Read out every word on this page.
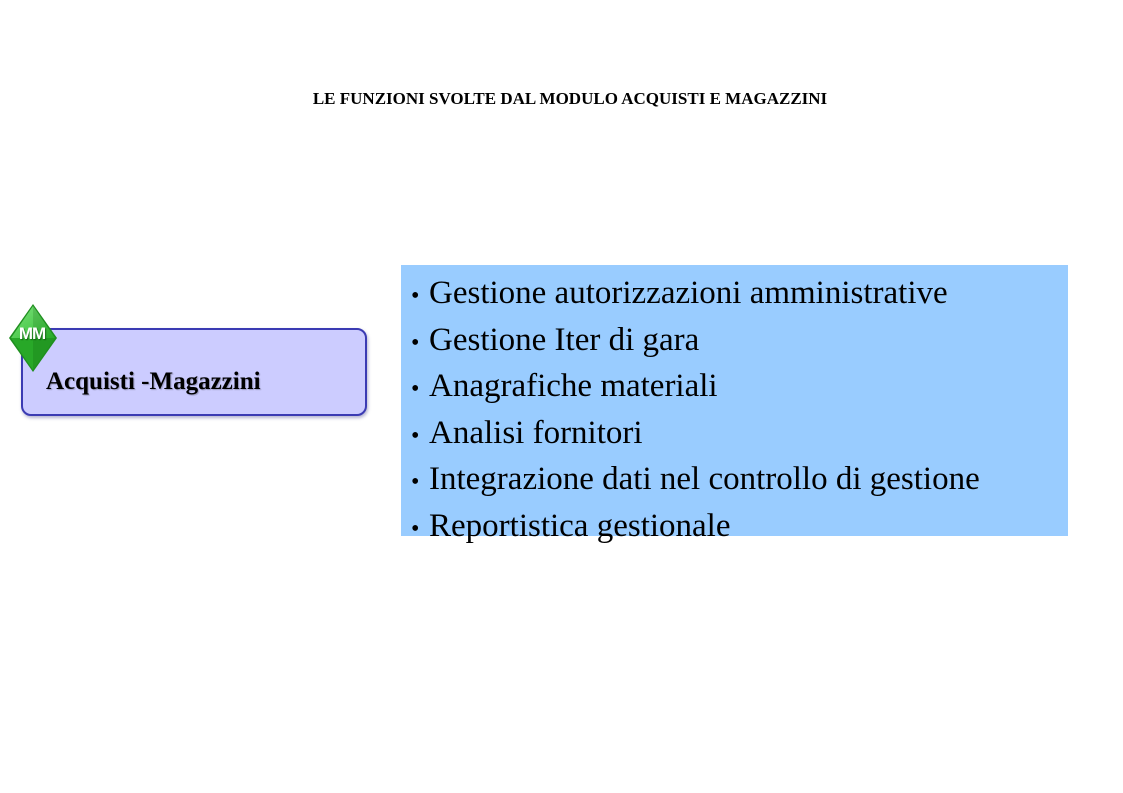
LE FUNZIONI SVOLTE DAL MODULO ACQUISTI E MAGAZZINI
Acquisti -Magazzini
MM
• Gestione autorizzazioni amministrative
• Gestione Iter di gara
• Anagrafiche materiali
• Analisi fornitori
• Integrazione dati nel controllo di gestione
• Reportistica gestionale
